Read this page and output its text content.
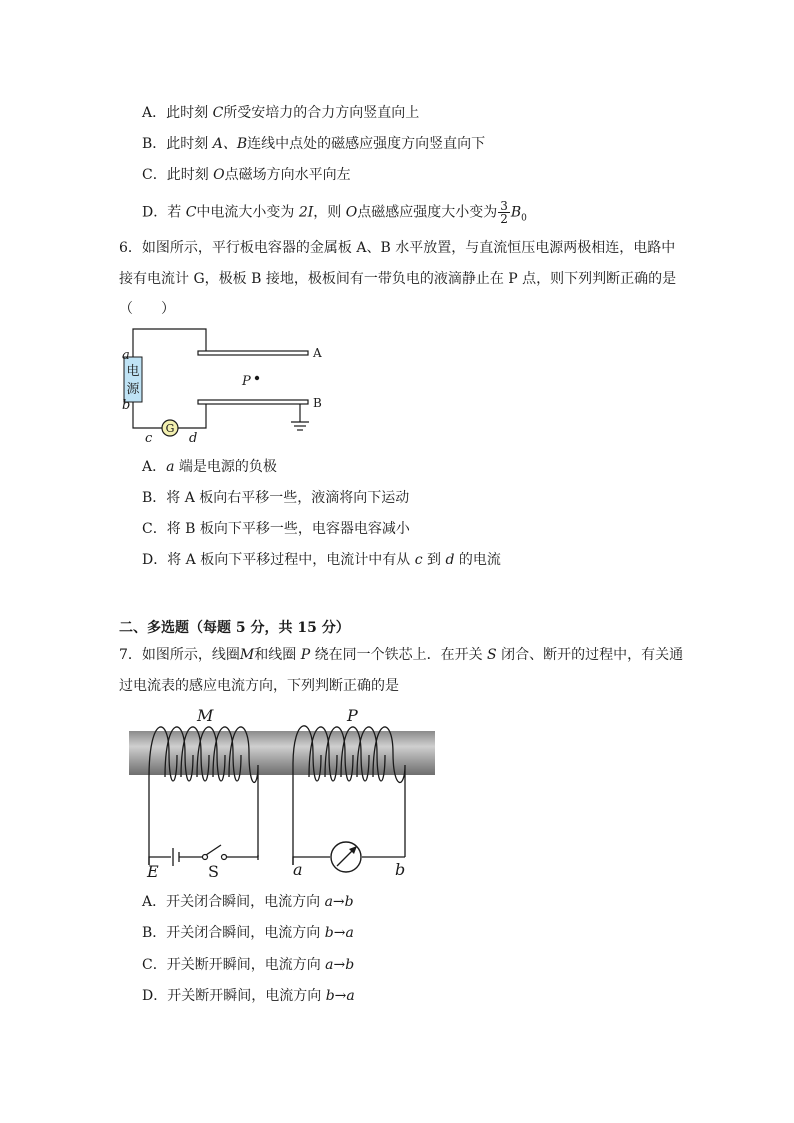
A．此时刻 C所受安培力的合力方向竖直向上
B．此时刻 A、B连线中点处的磁感应强度方向竖直向下
C．此时刻 O点磁场方向水平向左
D．若 C中电流大小变为 2I，则 O点磁感应强度大小变为 $\frac{3}{2} B_0$
6．如图所示，平行板电容器的金属板 A、B 水平放置，与直流恒压电源两极相连，电路中
接有电流计 G，极板 B 接地，极板间有一带负电的液滴静止在 P 点，则下列判断正确的是
（　　）
电
源
G
a
b
c	d
A
B
P
A．a 端是电源的负极
B．将 A 板向右平移一些，液滴将向下运动
C．将 B 板向下平移一些，电容器电容减小
D．将 A 板向下平移过程中，电流计中有从 c 到 d 的电流
二、多选题（每题 5 分，共 15 分）
7．如图所示，线圈M和线圈 P 绕在同一个铁芯上．在开关 S 闭合、断开的过程中，有关通
过电流表的感应电流方向，下列判断正确的是
M	P
E	S	a	b
A．开关闭合瞬间，电流方向 a→b
B．开关闭合瞬间，电流方向 b→a
C．开关断开瞬间，电流方向 a→b
D．开关断开瞬间，电流方向 b→a
